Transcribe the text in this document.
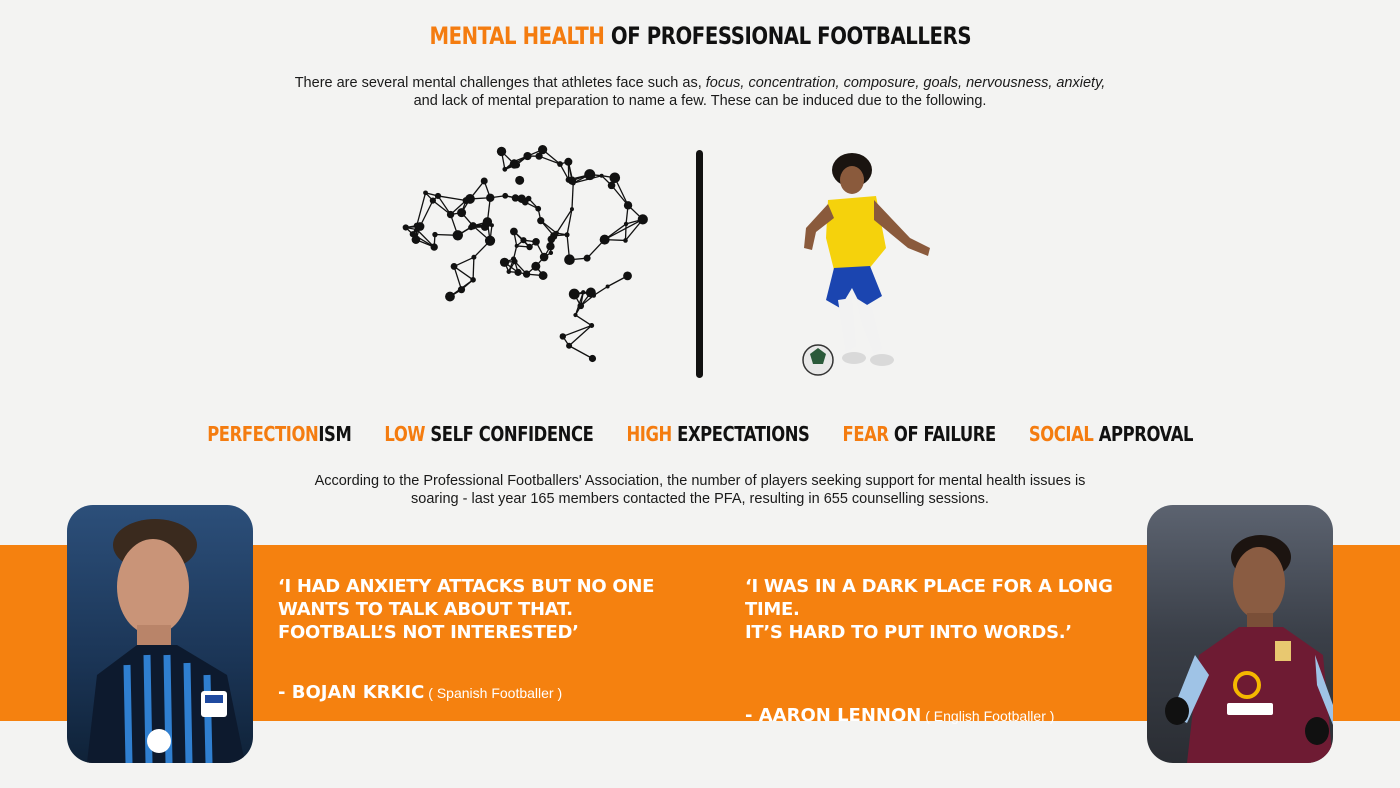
MENTAL HEALTH OF PROFESSIONAL FOOTBALLERS
There are several mental challenges that athletes face such as, focus, concentration, composure, goals, nervousness, anxiety,
and lack of mental preparation to name a few. These can be induced due to the following.
PERFECTIONISM LOW SELF CONFIDENCE HIGH EXPECTATIONS FEAR OF FAILURE SOCIAL APPROVAL
According to the Professional Footballers' Association, the number of players seeking support for mental health issues is
soaring - last year 165 members contacted the PFA, resulting in 655 counselling sessions.
‘I HAD ANXIETY ATTACKS BUT NO ONE
WANTS TO TALK ABOUT THAT.
FOOTBALL’S NOT INTERESTED’
- BOJAN KRKIC ( Spanish Footballer )
‘I WAS IN A DARK PLACE FOR A LONG TIME.
IT’S HARD TO PUT INTO WORDS.’
- AARON LENNON ( English Footballer )
